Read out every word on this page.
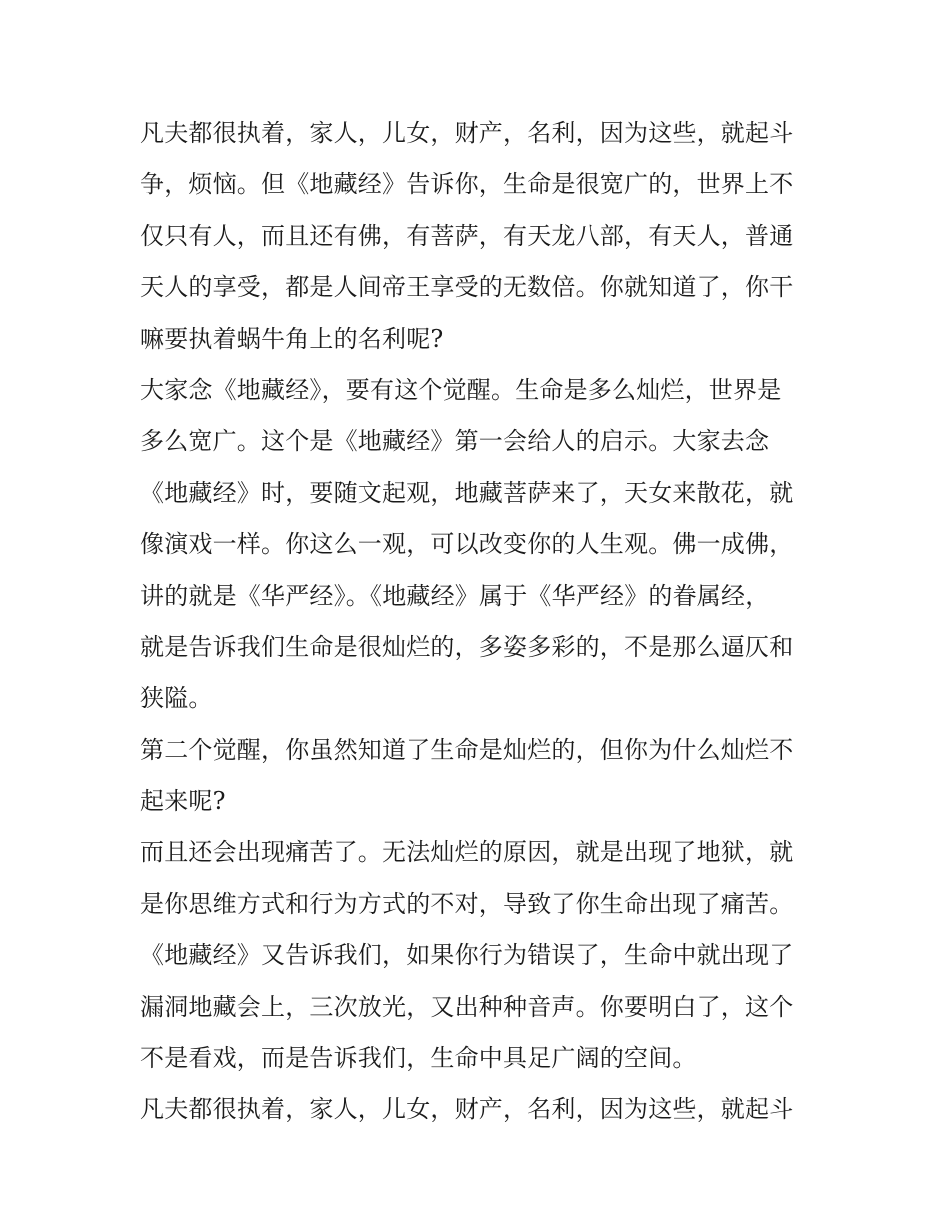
凡夫都很执着，家人，儿女，财产，名利，因为这些，就起斗
争，烦恼。但《地藏经》告诉你，生命是很宽广的，世界上不
仅只有人，而且还有佛，有菩萨，有天龙八部，有天人，普通
天人的享受，都是人间帝王享受的无数倍。你就知道了，你干
嘛要执着蜗牛角上的名利呢?
大家念《地藏经》，要有这个觉醒。生命是多么灿烂，世界是
多么宽广。这个是《地藏经》第一会给人的启示。大家去念
《地藏经》时，要随文起观，地藏菩萨来了，天女来散花，就
像演戏一样。你这么一观，可以改变你的人生观。佛一成佛，
讲的就是《华严经》。《地藏经》属于《华严经》的眷属经，
就是告诉我们生命是很灿烂的，多姿多彩的，不是那么逼仄和
狭隘。
第二个觉醒，你虽然知道了生命是灿烂的，但你为什么灿烂不
起来呢?
而且还会出现痛苦了。无法灿烂的原因，就是出现了地狱，就
是你思维方式和行为方式的不对，导致了你生命出现了痛苦。
《地藏经》又告诉我们，如果你行为错误了，生命中就出现了
漏洞地藏会上，三次放光，又出种种音声。你要明白了，这个
不是看戏，而是告诉我们，生命中具足广阔的空间。
凡夫都很执着，家人，儿女，财产，名利，因为这些，就起斗
